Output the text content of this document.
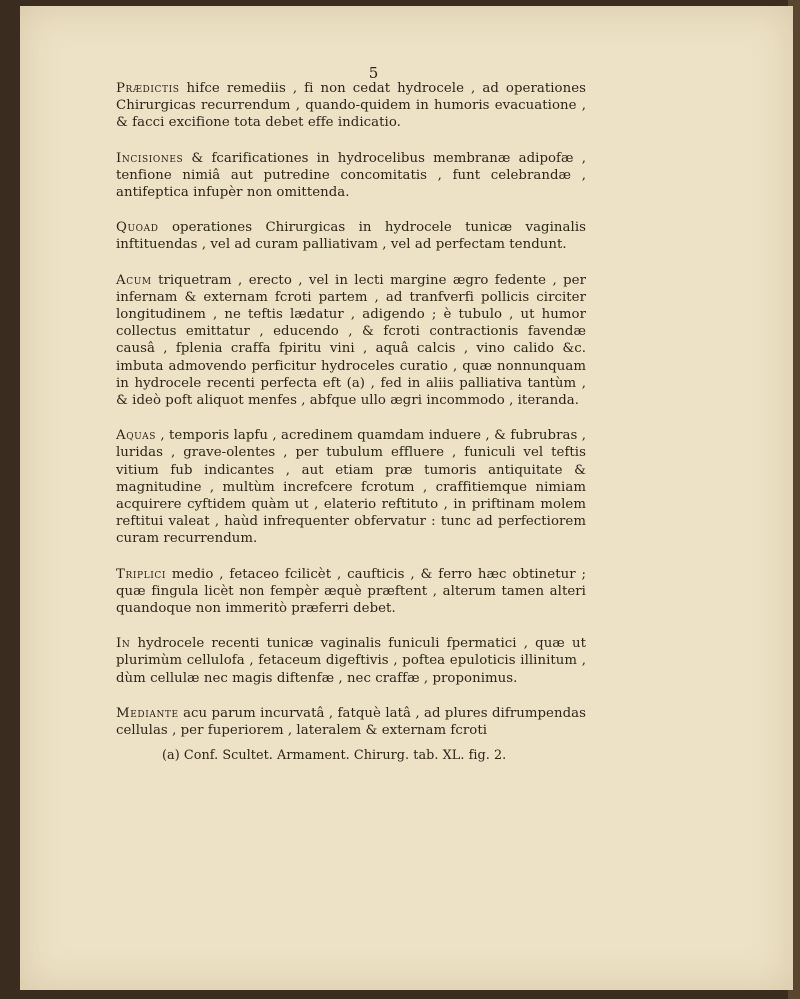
5

Prædictis hifce remediis , fi non cedat hydrocele , ad operationes Chirurgicas recurrendum , quando-quidem in humoris evacuatione , & facci excifione tota debet effe indicatio.

Incisiones & fcarificationes in hydrocelibus membranæ adipofæ , tenfione nimiâ aut putredine concomitatis , funt celebrandæ , antifeptica infupèr non omittenda.

Quoad operationes Chirurgicas in hydrocele tunicæ vaginalis inftituendas , vel ad curam palliativam , vel ad perfectam tendunt.

Acum triquetram , erecto , vel in lecti margine ægro fedente , per infernam & externam fcroti partem , ad tranfverfi pollicis circiter longitudinem , ne teftis lædatur , adigendo ; è tubulo , ut humor collectus emittatur , educendo , & fcroti contractionis favendæ causâ , fplenia craffa fpiritu vini , aquâ calcis , vino calido &c. imbuta admovendo perficitur hydroceles curatio , quæ nonnunquam in hydrocele recenti perfecta eft (a) , fed in aliis palliativa tantùm , & ideò poft aliquot menfes , abfque ullo ægri incommodo , iteranda.

Aquas , temporis lapfu , acredinem quamdam induere , & fubrubras , luridas , grave-olentes , per tubulum effluere , funiculi vel teftis vitium fub indicantes , aut etiam præ tumoris antiquitate & magnitudine , multùm increfcere fcrotum , craffitiemque nimiam acquirere cyftidem quàm ut , elaterio reftituto , in priftinam molem reftitui valeat , haùd infrequenter obfervatur : tunc ad perfectiorem curam recurrendum.

Triplici medio , fetaceo fcilicèt , caufticis , & ferro hæc obtinetur ; quæ fingula licèt non fempèr æquè præftent , alterum tamen alteri quandoque non immeritò præferri debet.

In hydrocele recenti tunicæ vaginalis funiculi fpermatici , quæ ut plurimùm cellulofa , fetaceum digeftivis , poftea epuloticis illinitum , dùm cellulæ nec magis diftenfæ , nec craffæ , proponimus.

Mediante acu parum incurvatâ , fatquè latâ , ad plures difrumpendas cellulas , per fuperiorem , lateralem & externam fcroti

(a) Conf. Scultet. Armament. Chirurg. tab. XL. fig. 2.
